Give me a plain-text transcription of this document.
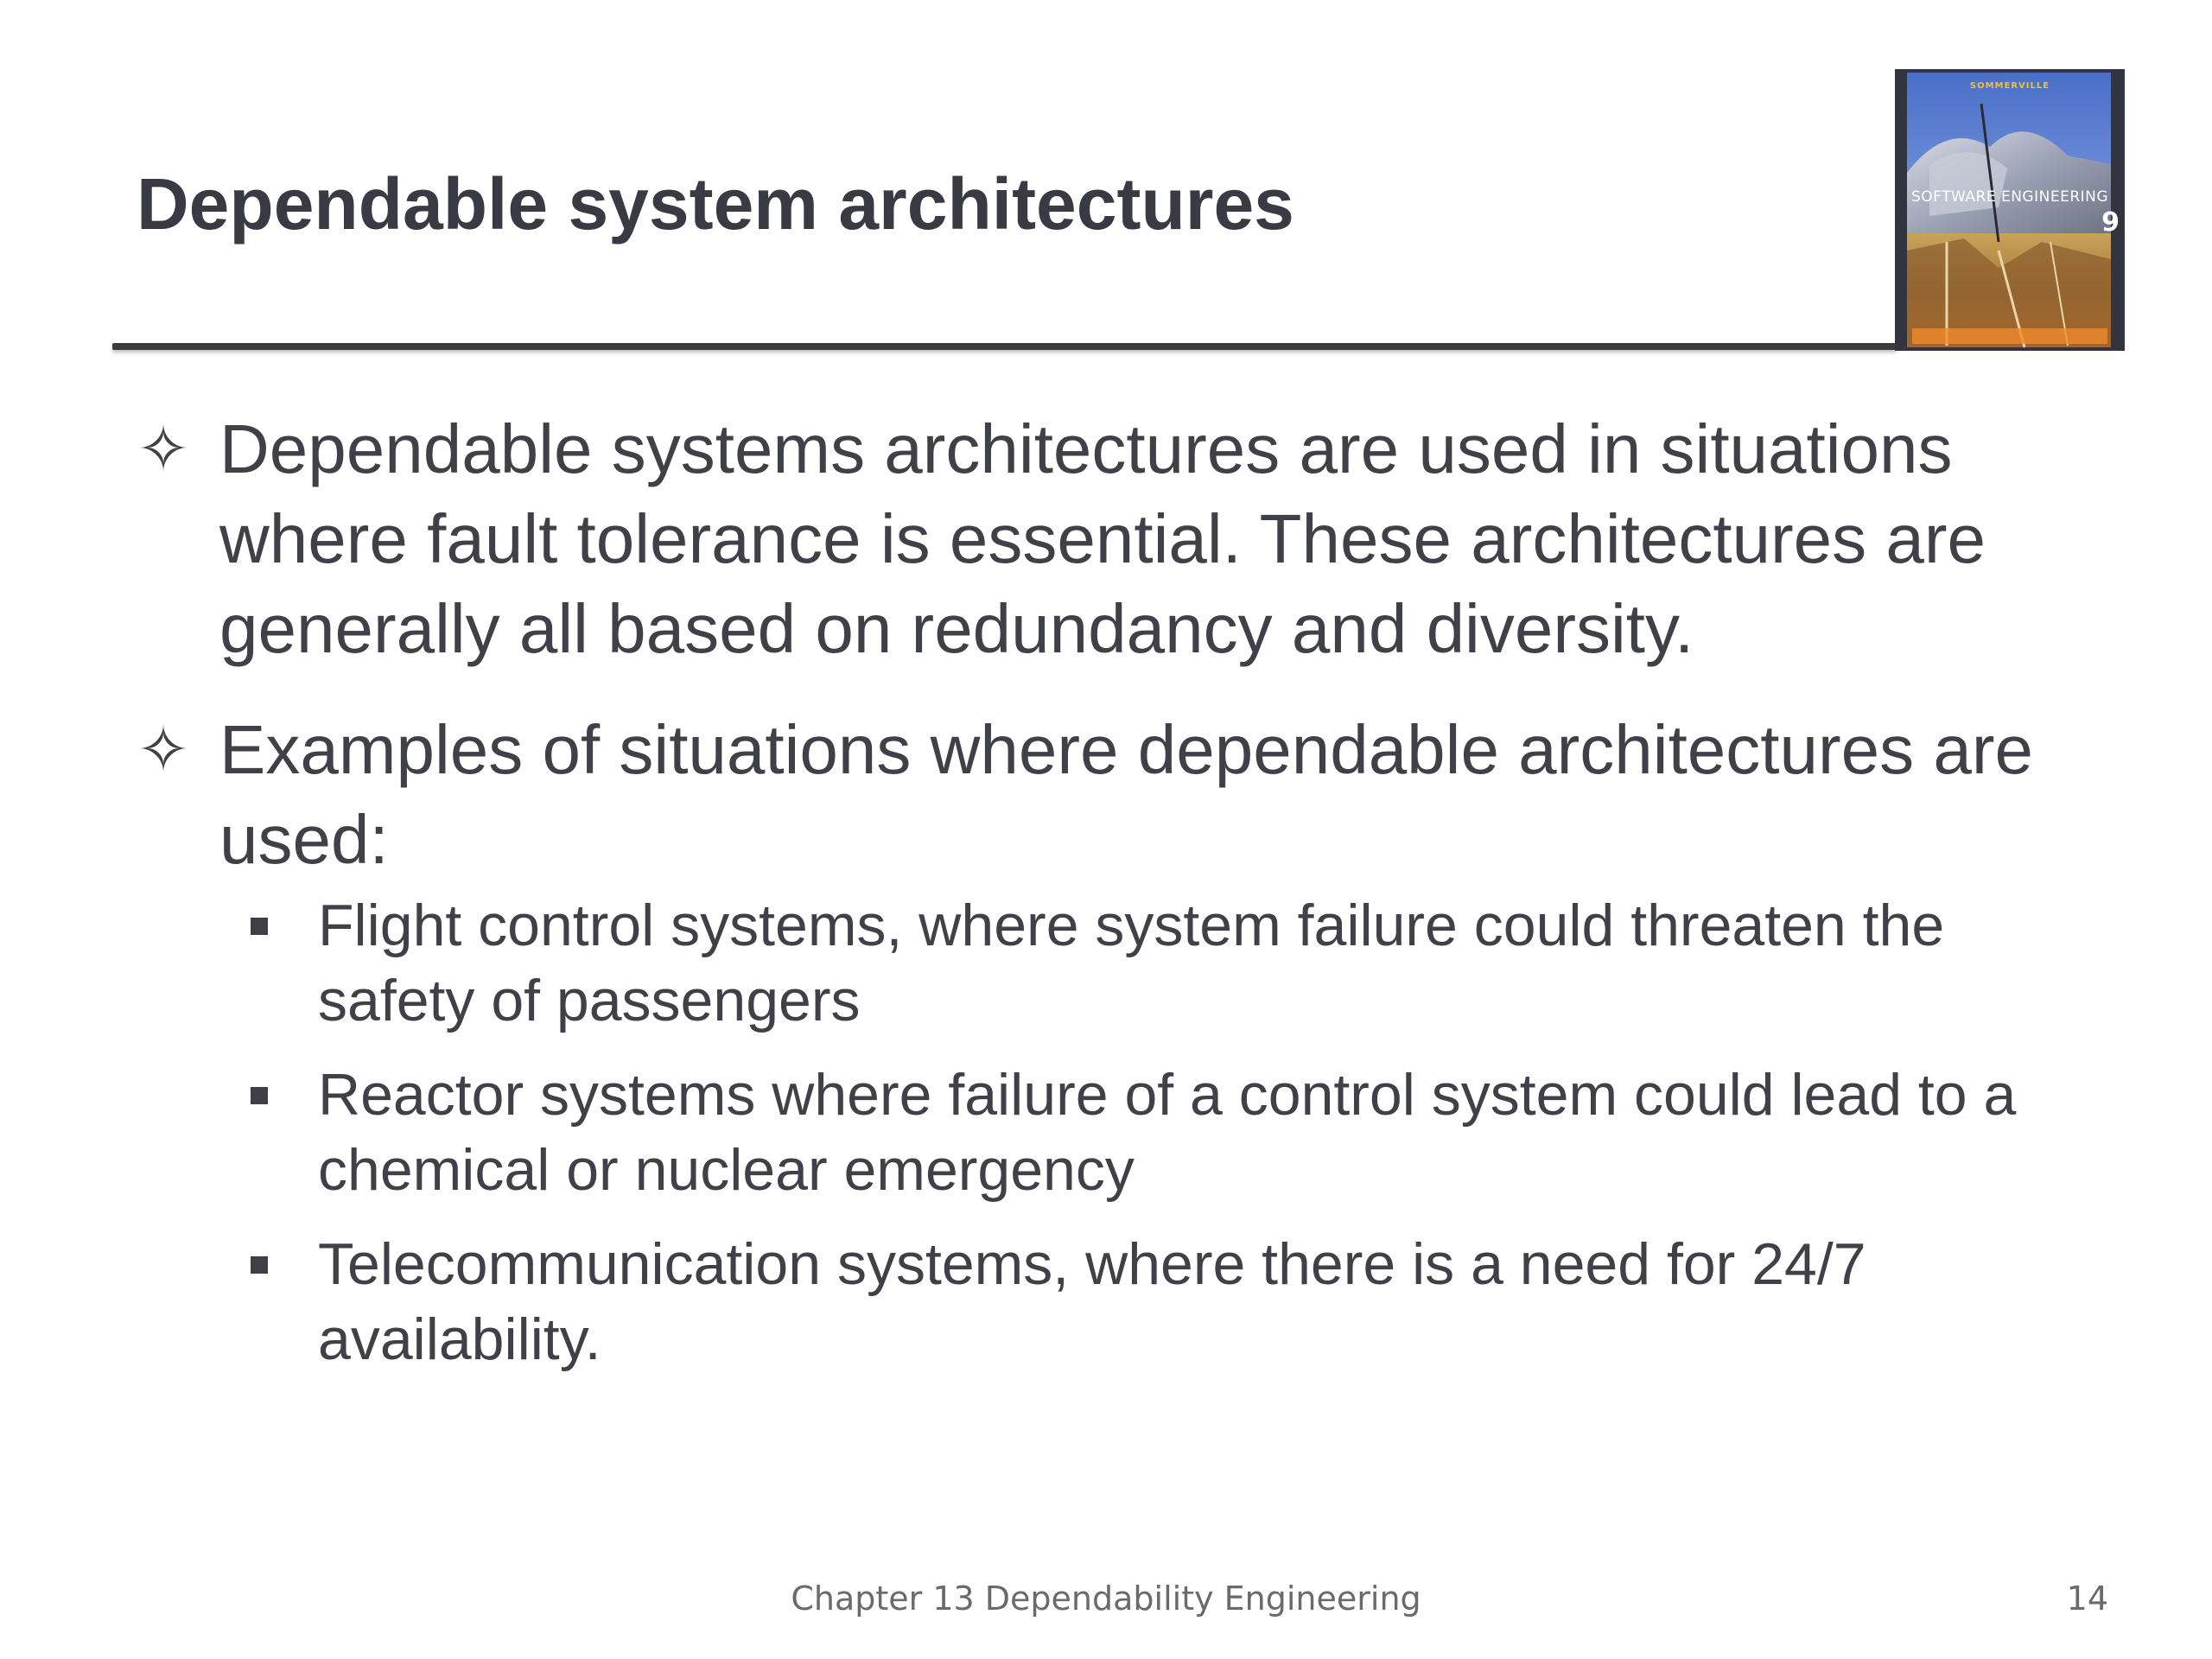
Dependable system architectures
SOMMERVILLE
SOFTWARE ENGINEERING
9
✧ Dependable systems architectures are used in situations where fault tolerance is essential. These architectures are generally all based on redundancy and diversity.
✧ Examples of situations where dependable architectures are used:
Flight control systems, where system failure could threaten the safety of passengers
Reactor systems where failure of a control system could lead to a chemical or nuclear emergency
Telecommunication systems, where there is a need for 24/7 availability.
Chapter 13 Dependability Engineering	14
